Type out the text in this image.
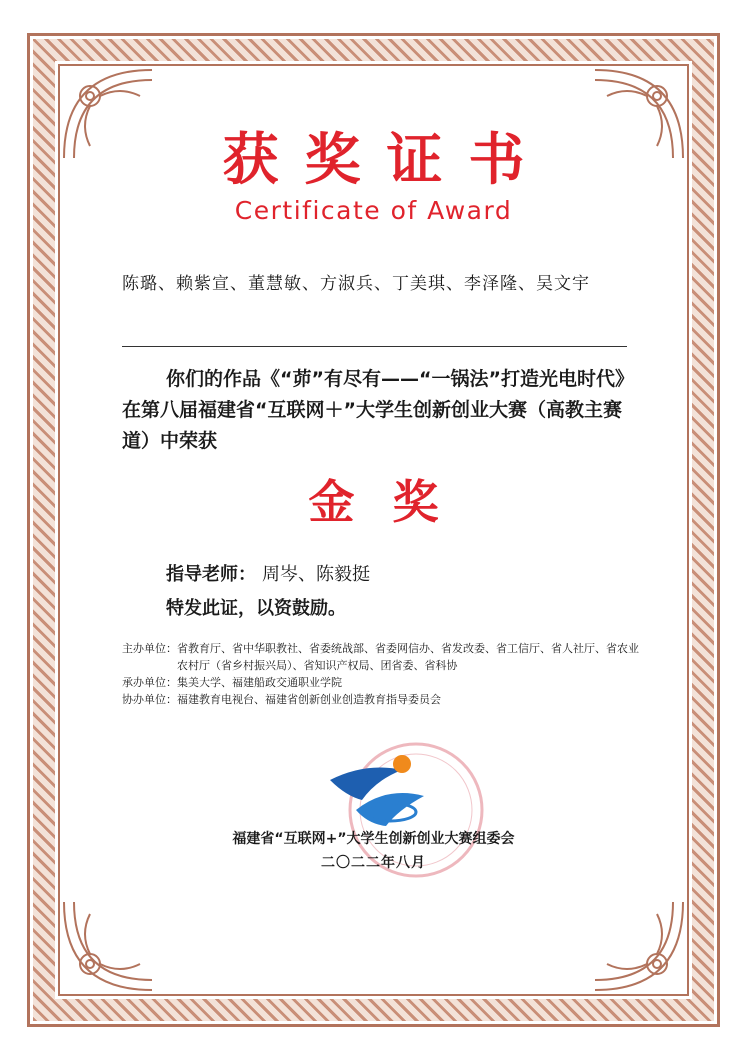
获奖证书
Certificate of Award
陈璐、赖紫宣、董慧敏、方淑兵、丁美琪、李泽隆、吴文宇
你们的作品《“茆”有尽有——“一锅法”打造光电时代》在第八届福建省“互联网＋”大学生创新创业大赛（高教主赛道）中荣获
金奖
指导老师： 周岑、陈毅挺
特发此证，以资鼓励。
主办单位： 省教育厅、省中华职教社、省委统战部、省委网信办、省发改委、省工信厅、省人社厅、省农业农村厅（省乡村振兴局）、省知识产权局、团省委、省科协
承办单位： 集美大学、福建船政交通职业学院
协办单位： 福建教育电视台、福建省创新创业创造教育指导委员会
福建省“互联网+”大学生创新创业大赛组委会
二〇二二年八月
